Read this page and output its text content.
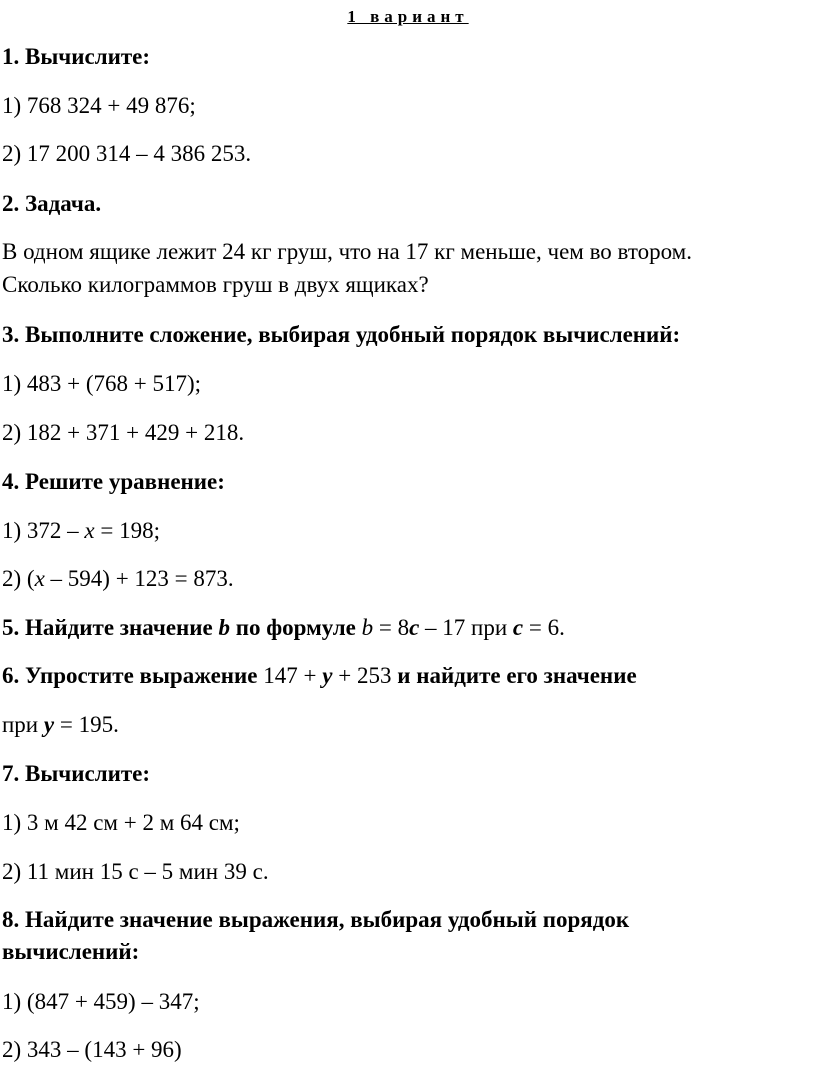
1 вариант
1. Вычислите:
1) 768 324 + 49 876;
2) 17 200 314 – 4 386 253.
2. Задача.
В одном ящике лежит 24 кг груш, что на 17 кг меньше, чем во втором.
Сколько килограммов груш в двух ящиках?
3. Выполните сложение, выбирая удобный порядок вычислений:
1) 483 + (768 + 517);
2) 182 + 371 + 429 + 218.
4. Решите уравнение:
1) 372 – х = 198;
2) (х – 594) + 123 = 873.
5. Найдите значение b по формуле b = 8c – 17 при c = 6.
6. Упростите выражение 147 + y + 253 и найдите его значение
при y = 195.
7. Вычислите:
1) 3 м 42 см + 2 м 64 см;
2) 11 мин 15 с – 5 мин 39 с.
8. Найдите значение выражения, выбирая удобный порядок
вычислений:
1) (847 + 459) – 347;
2) 343 – (143 + 96)
